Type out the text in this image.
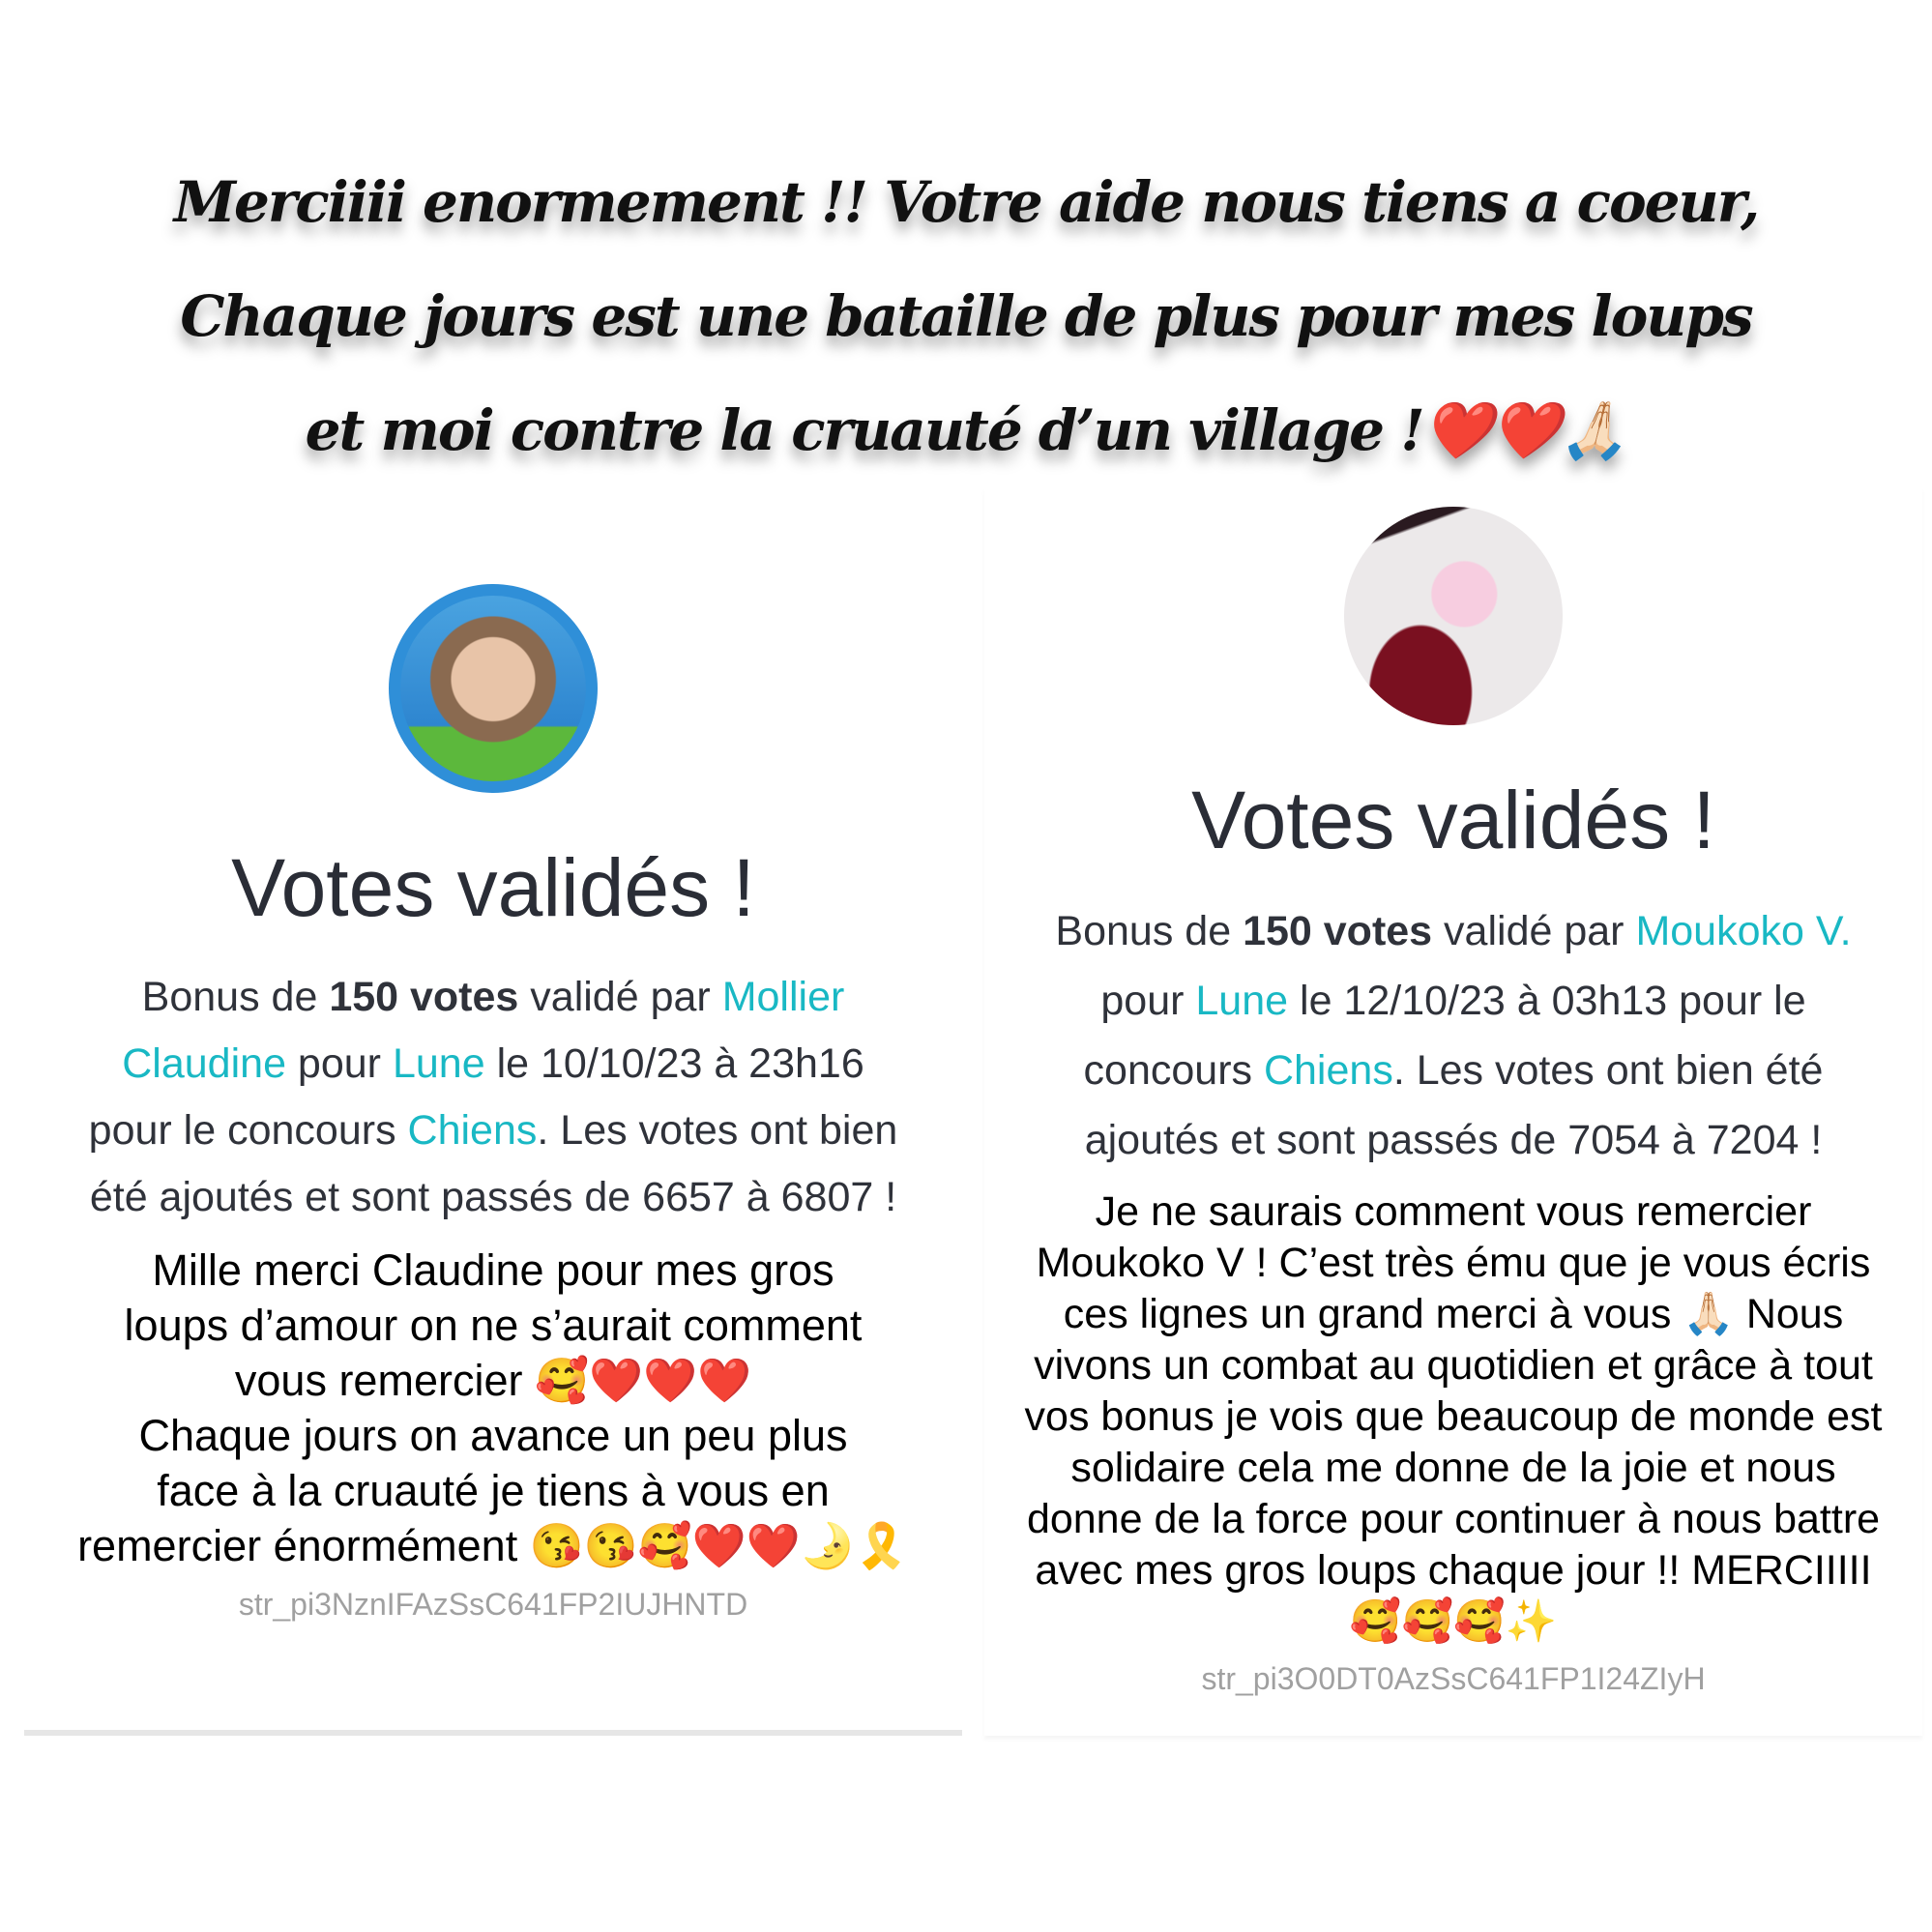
Merciiii enormement !! Votre aide nous tiens a coeur,
Chaque jours est une bataille de plus pour mes loups
et moi contre la cruauté d’un village !❤️❤️🙏🏻
Votes validés !
Bonus de 150 votes validé par Mollier Claudine pour Lune le 10/10/23 à 23h16 pour le concours Chiens. Les votes ont bien été ajoutés et sont passés de 6657 à 6807 !
Mille merci Claudine pour mes gros
loups d’amour on ne s’aurait comment
vous remercier 🥰❤️❤️❤️
Chaque jours on avance un peu plus
face à la cruauté je tiens à vous en
remercier énormément 😘😘🥰❤️❤️🌛🎗️
str_pi3NznIFAzSsC641FP2IUJHNTD
Votes validés !
Bonus de 150 votes validé par Moukoko V. pour Lune le 12/10/23 à 03h13 pour le concours Chiens. Les votes ont bien été ajoutés et sont passés de 7054 à 7204 !
Je ne saurais comment vous remercier
Moukoko V ! C’est très ému que je vous écris
ces lignes un grand merci à vous 🙏🏻 Nous
vivons un combat au quotidien et grâce à tout
vos bonus je vois que beaucoup de monde est
solidaire cela me donne de la joie et nous
donne de la force pour continuer à nous battre
avec mes gros loups chaque jour !! MERCIIIII
🥰🥰🥰✨
str_pi3O0DT0AzSsC641FP1I24ZIyH
